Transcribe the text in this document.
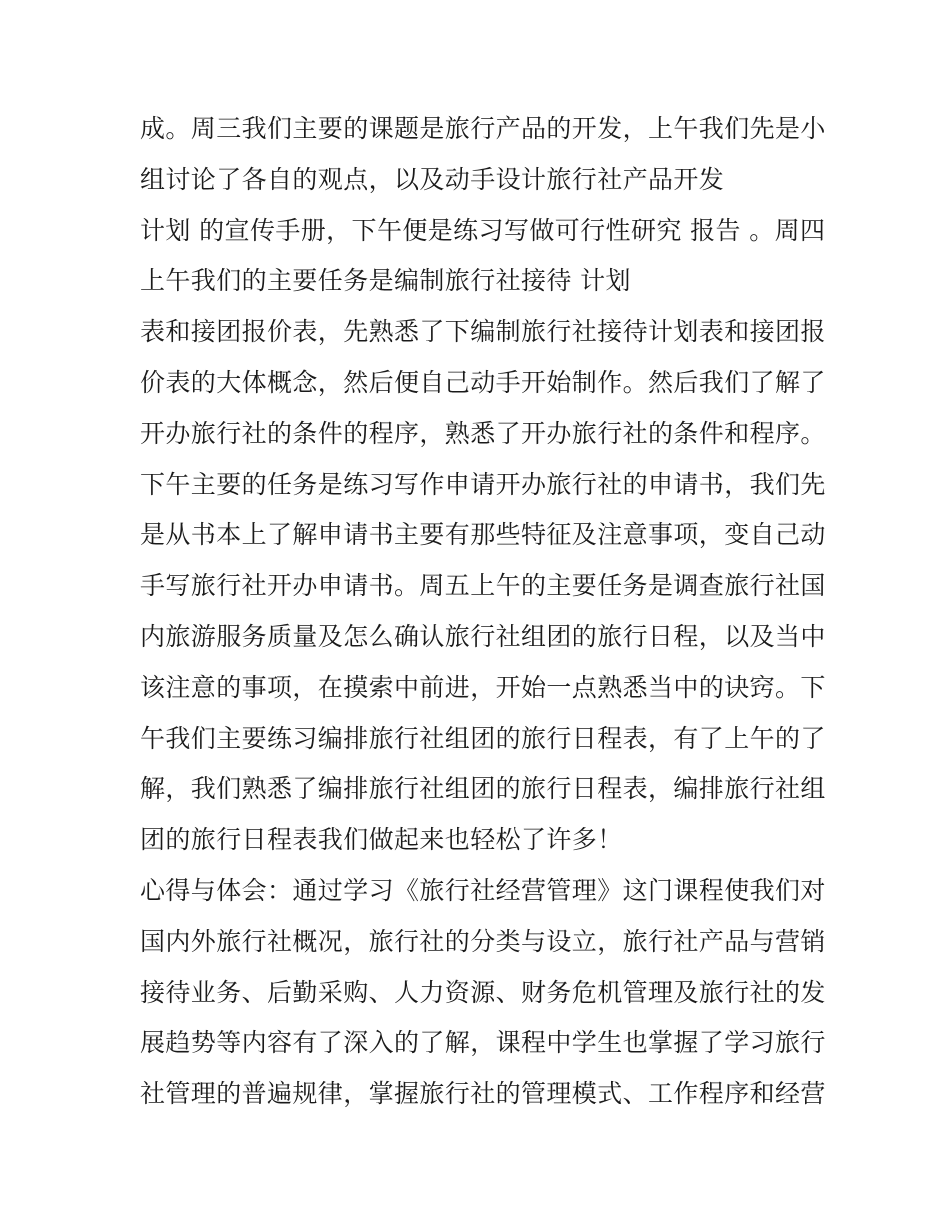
成。周三我们主要的课题是旅行产品的开发，上午我们先是小
组讨论了各自的观点，以及动手设计旅行社产品开发
计划 的宣传手册，下午便是练习写做可行性研究 报告 。周四
上午我们的主要任务是编制旅行社接待 计划
表和接团报价表，先熟悉了下编制旅行社接待计划表和接团报
价表的大体概念，然后便自己动手开始制作。然后我们了解了
开办旅行社的条件的程序，熟悉了开办旅行社的条件和程序。
下午主要的任务是练习写作申请开办旅行社的申请书，我们先
是从书本上了解申请书主要有那些特征及注意事项，变自己动
手写旅行社开办申请书。周五上午的主要任务是调查旅行社国
内旅游服务质量及怎么确认旅行社组团的旅行日程，以及当中
该注意的事项，在摸索中前进，开始一点熟悉当中的诀窍。下
午我们主要练习编排旅行社组团的旅行日程表，有了上午的了
解，我们熟悉了编排旅行社组团的旅行日程表，编排旅行社组
团的旅行日程表我们做起来也轻松了许多！
心得与体会：通过学习《旅行社经营管理》这门课程使我们对
国内外旅行社概况，旅行社的分类与设立，旅行社产品与营销
接待业务、后勤采购、人力资源、财务危机管理及旅行社的发
展趋势等内容有了深入的了解，课程中学生也掌握了学习旅行
社管理的普遍规律，掌握旅行社的管理模式、工作程序和经营
